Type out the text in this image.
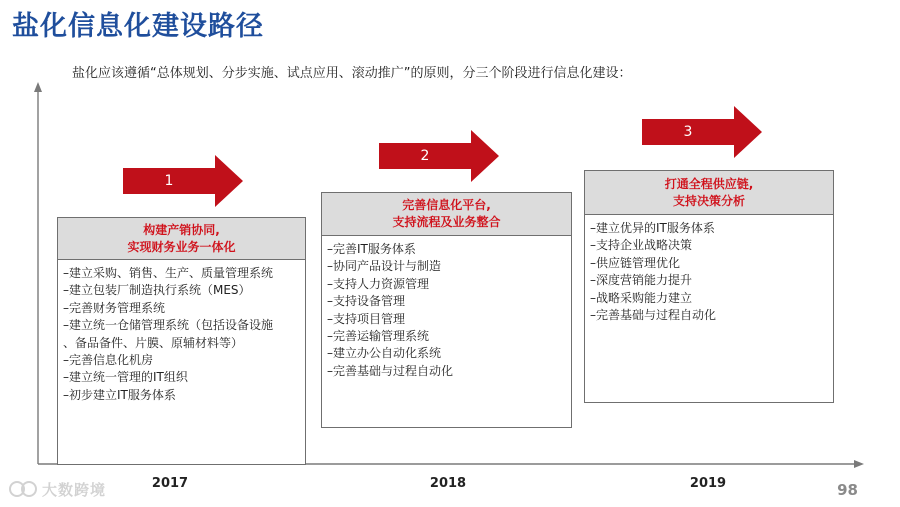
盐化信息化建设路径
盐化应该遵循“总体规划、分步实施、试点应用、滚动推广”的原则，分三个阶段进行信息化建设：
1
构建产销协同,
实现财务业务一体化
–建立采购、销售、生产、质量管理系统
–建立包装厂制造执行系统（MES）
–完善财务管理系统
–建立统一仓储管理系统（包括设备设施
、备品备件、片膜、原辅材料等）
–完善信息化机房
–建立统一管理的IT组织
–初步建立IT服务体系
2017
2
完善信息化平台,
支持流程及业务整合
–完善IT服务体系
–协同产品设计与制造
–支持人力资源管理
–支持设备管理
–支持项目管理
–完善运输管理系统
–建立办公自动化系统
–完善基础与过程自动化
2018
3
打通全程供应链,
支持决策分析
–建立优异的IT服务体系
–支持企业战略决策
–供应链管理优化
–深度营销能力提升
–战略采购能力建立
–完善基础与过程自动化
2019
大数跨境	98
